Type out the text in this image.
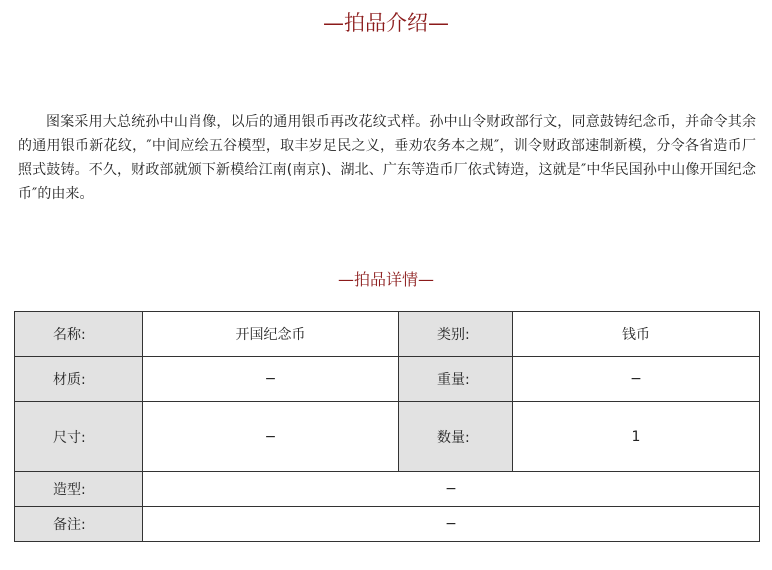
—拍品介绍—

图案采用大总统孙中山肖像，以后的通用银币再改花纹式样。孙中山令财政部行文，同意鼓铸纪念币，并命令其余的通用银币新花纹，″中间应绘五谷模型，取丰岁足民之义，垂劝农务本之规″，训令财政部速制新模，分令各省造币厂照式鼓铸。不久，财政部就颁下新模给江南(南京)、湖北、广东等造币厂依式铸造，这就是″中华民国孙中山像开国纪念币″的由来。

—拍品详情—
名称:	开国纪念币	类别:	钱币
材质:	−	重量:	−
尺寸:	−	数量:	1
造型:	−		
备注:	−		
